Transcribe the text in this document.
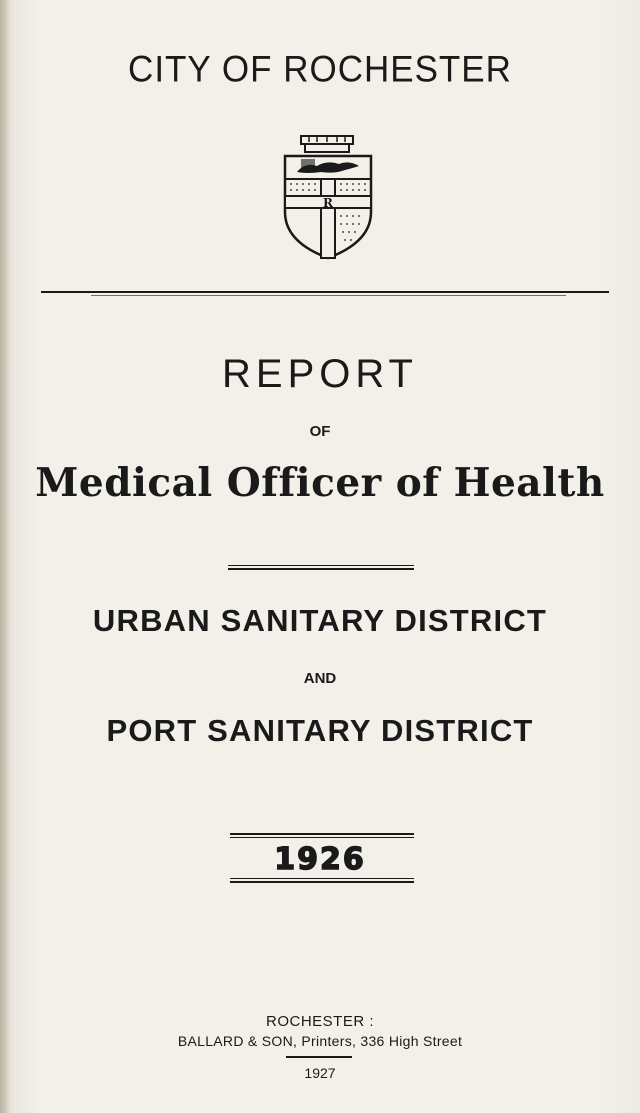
CITY OF ROCHESTER
R
REPORT
OF
Medical Officer of Health
URBAN SANITARY DISTRICT
AND
PORT SANITARY DISTRICT
1926
ROCHESTER :
BALLARD & SON, Printers, 336 High Street
1927
